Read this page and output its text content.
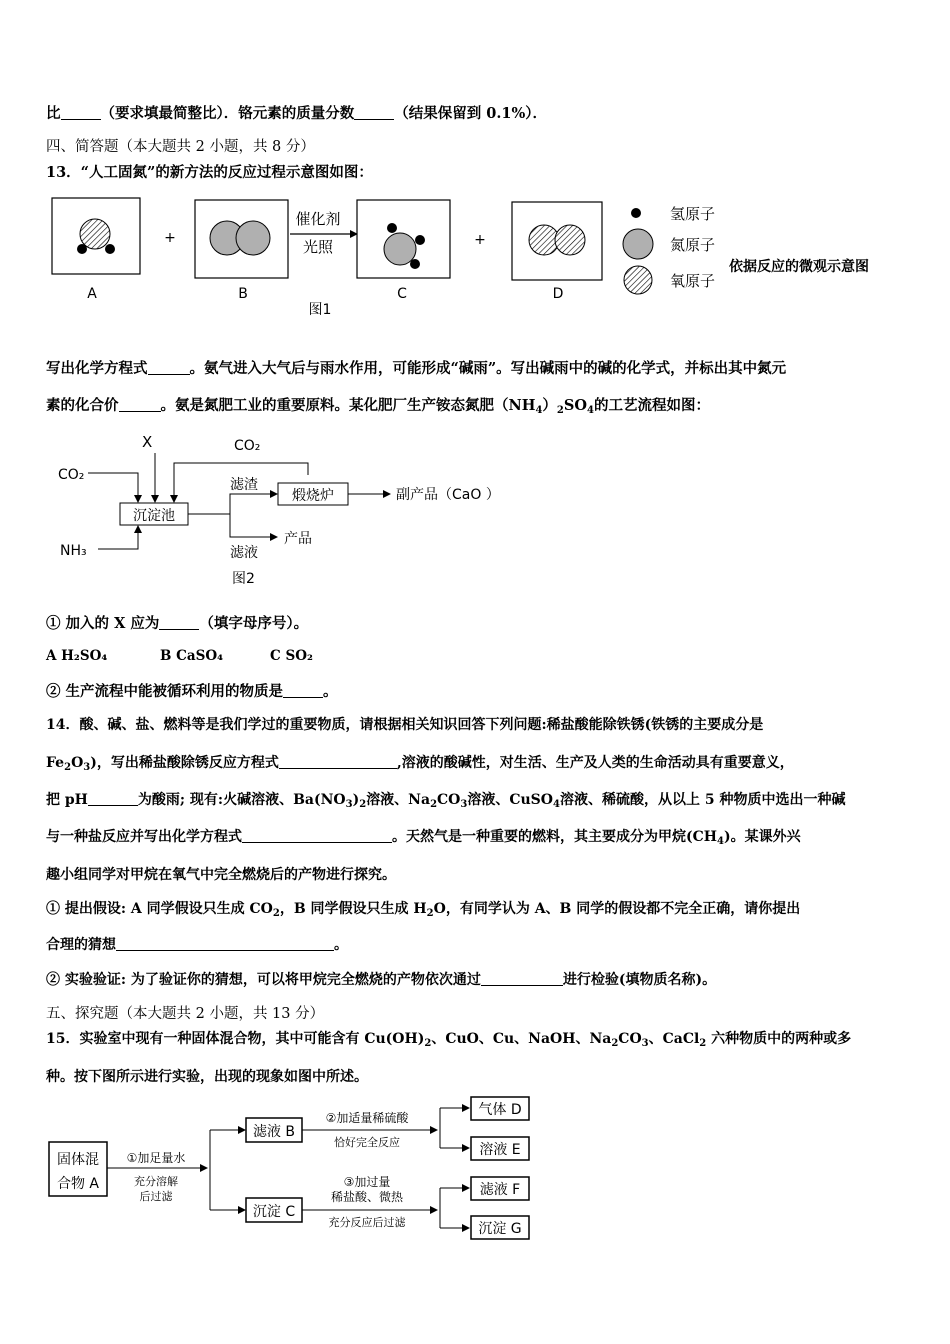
比	（要求填最简整比）．铬元素的质量分数	（结果保留到 0.1%）．
四、简答题（本大题共 2 小题，共 8 分）
13．“人工固氮”的新方法的反应过程示意图如图：
A
+
B
催化剂
光照
图1
C
+
D
氢原子
氮原子
氧原子
依据反应的微观示意图
写出化学方程式	。氨气进入大气后与雨水作用，可能形成“碱雨”。写出碱雨中的碱的化学式，并标出其中氮元
素的化合价	。氨是氮肥工业的重要原料。某化肥厂生产铵态氮肥$(NH_4)_2SO_4$的工艺流程如图：
X	CO₂
CO₂
NH₃
沉淀池
滤渣
产品
滤液
图2
煅烧炉	副产品（CaO ）
① 加入的 X 应为	（填字母序号）。
A H₂SO₄	B CaSO₄	C SO₂
② 生产流程中能被循环利用的物质是	。
14．酸、碱、盐、燃料等是我们学过的重要物质，请根据相关知识回答下列问题:稀盐酸能除铁锈(铁锈的主要成分是
$Fe_2O_3$)，写出稀盐酸除锈反应方程式	,溶液的酸碱性，对生活、生产及人类的生命活动具有重要意义，
把 pH	为酸雨; 现有:火碱溶液、$Ba(NO_3)_2$溶液、$Na_2CO_3$溶液、CuSO$_4$溶液、稀硫酸，从以上 5 种物质中选出一种碱
与一种盐反应并写出化学方程式	。天然气是一种重要的燃料，其主要成分为甲烷$(CH_4)$。某课外兴
趣小组同学对甲烷在氧气中完全燃烧后的产物进行探究。
① 提出假设: A 同学假设只生成 $CO_2$，B 同学假设只生成 $H_2O$，有同学认为 A、B 同学的假设都不完全正确，请你提出
合理的猜想	。
② 实验验证: 为了验证你的猜想，可以将甲烷完全燃烧的产物依次通过	进行检验(填物质名称)。
五、探究题（本大题共 2 小题，共 13 分）
15．实验室中现有一种固体混合物，其中可能含有 $Cu(OH)_2$、CuO、Cu、NaOH、$Na_2CO_3$、CaCl$_2$ 六种物质中的两种或多
种。按下图所示进行实验，出现的现象如图中所述。
固体混
合物 A
①加足量水
充分溶解
后过滤
滤液 B
沉淀 C
②加适量稀硫酸
恰好完全反应
③加过量
稀盐酸、微热
充分反应后过滤
气体 D
溶液 E
滤液 F
沉淀 G
